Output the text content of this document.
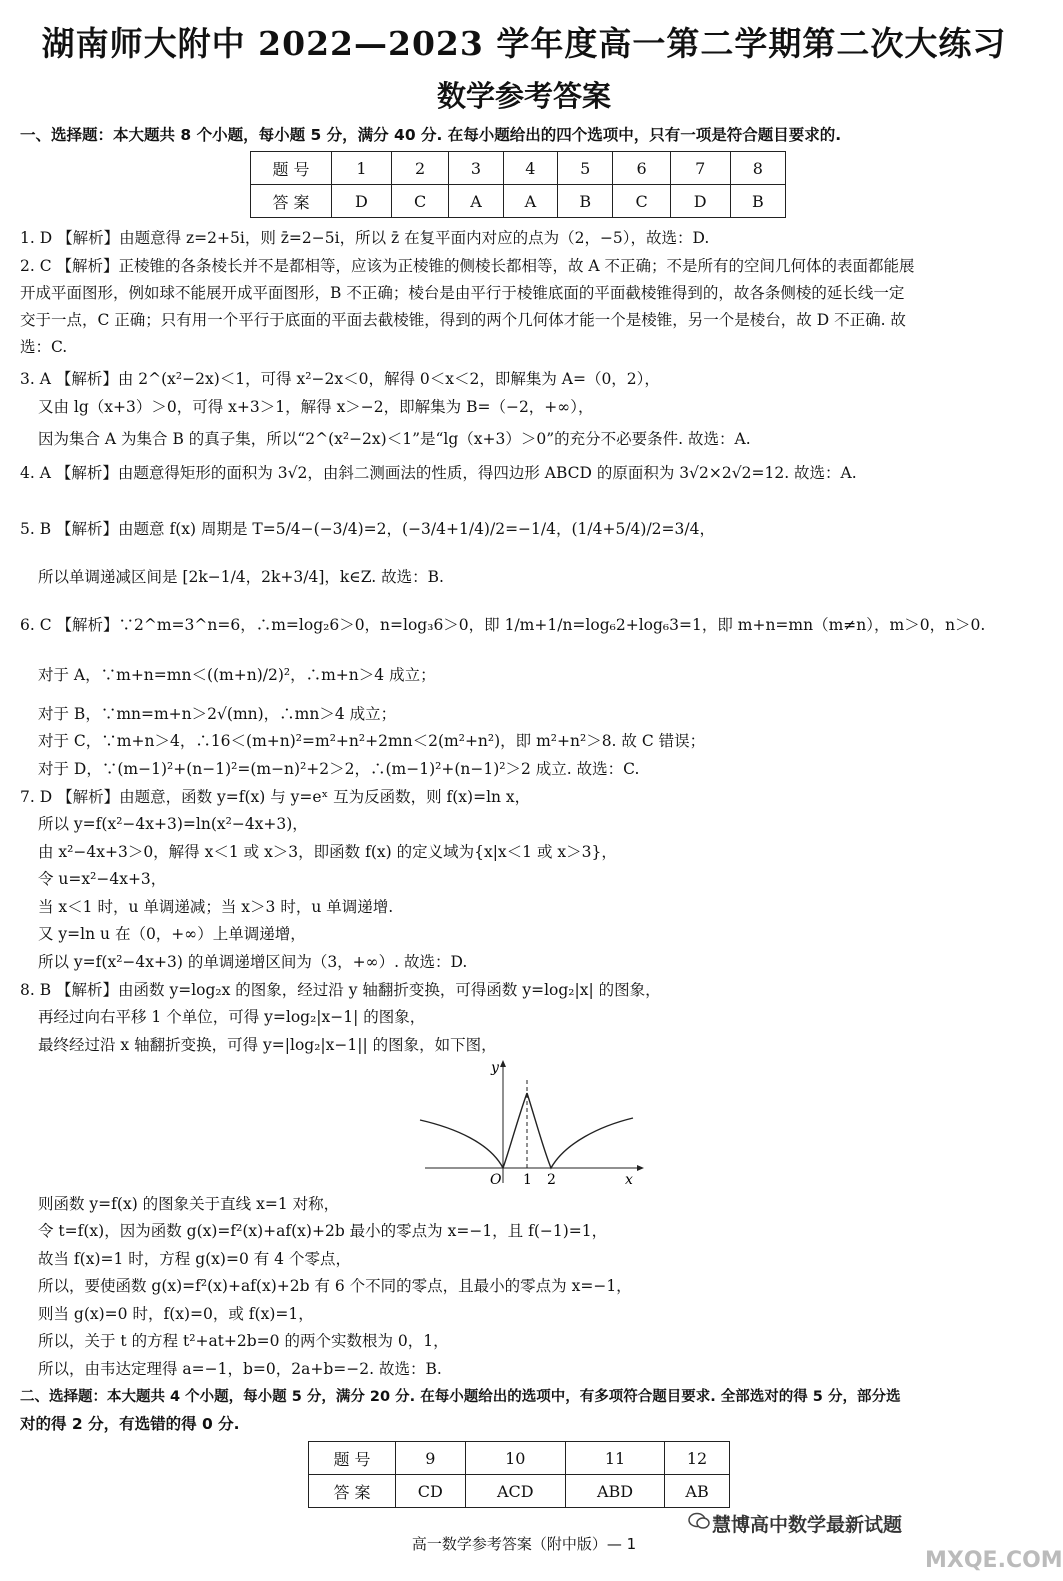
湖南师大附中 2022—2023 学年度高一第二学期第二次大练习
数学参考答案
一、选择题：本大题共 8 个小题，每小题 5 分，满分 40 分. 在每小题给出的四个选项中，只有一项是符合题目要求的.
题 号	1	2	3	4	5	6	7	8
答 案	D	C	A	A	B	C	D	B
1. D 【解析】由题意得 z=2+5i，则 z̄=2−5i，所以 z̄ 在复平面内对应的点为（2，−5），故选：D.
2. C 【解析】正棱锥的各条棱长并不是都相等，应该为正棱锥的侧棱长都相等，故 A 不正确；不是所有的空间几何体的表面都能展
开成平面图形，例如球不能展开成平面图形，B 不正确；棱台是由平行于棱锥底面的平面截棱锥得到的，故各条侧棱的延长线一定
交于一点，C 正确；只有用一个平行于底面的平面去截棱锥，得到的两个几何体才能一个是棱锥，另一个是棱台，故 D 不正确. 故
选：C.
3. A 【解析】由 2^(x²−2x)＜1，可得 x²−2x＜0，解得 0＜x＜2，即解集为 A=（0，2），
又由 lg（x+3）＞0，可得 x+3＞1，解得 x＞−2，即解集为 B=（−2，+∞），
因为集合 A 为集合 B 的真子集，所以“2^(x²−2x)＜1”是“lg（x+3）＞0”的充分不必要条件. 故选：A.
4. A 【解析】由题意得矩形的面积为 3√2，由斜二测画法的性质，得四边形 ABCD 的原面积为 3√2×2√2=12. 故选：A.
5. B 【解析】由题意 f(x) 周期是 T=5/4−(−3/4)=2，(−3/4+1/4)/2=−1/4，(1/4+5/4)/2=3/4，
所以单调递减区间是 [2k−1/4，2k+3/4]，k∈Z. 故选：B.
6. C 【解析】∵2^m=3^n=6，∴m=log₂6＞0，n=log₃6＞0，即 1/m+1/n=log₆2+log₆3=1，即 m+n=mn（m≠n），m＞0，n＞0.
对于 A，∵m+n=mn＜((m+n)/2)²，∴m+n＞4 成立；
对于 B，∵mn=m+n＞2√(mn)，∴mn＞4 成立；
对于 C，∵m+n＞4，∴16＜(m+n)²=m²+n²+2mn＜2(m²+n²)，即 m²+n²＞8. 故 C 错误；
对于 D，∵(m−1)²+(n−1)²=(m−n)²+2＞2，∴(m−1)²+(n−1)²＞2 成立. 故选：C.
7. D 【解析】由题意，函数 y=f(x) 与 y=eˣ 互为反函数，则 f(x)=ln x，
所以 y=f(x²−4x+3)=ln(x²−4x+3)，
由 x²−4x+3＞0，解得 x＜1 或 x＞3，即函数 f(x) 的定义域为{x|x＜1 或 x＞3}，
令 u=x²−4x+3，
当 x＜1 时，u 单调递减；当 x＞3 时，u 单调递增.
又 y=ln u 在（0，+∞）上单调递增，
所以 y=f(x²−4x+3) 的单调递增区间为（3，+∞）. 故选：D.
8. B 【解析】由函数 y=log₂x 的图象，经过沿 y 轴翻折变换，可得函数 y=log₂|x| 的图象，
再经过向右平移 1 个单位，可得 y=log₂|x−1| 的图象，
最终经过沿 x 轴翻折变换，可得 y=|log₂|x−1|| 的图象，如下图，
y
x
O 1 2
则函数 y=f(x) 的图象关于直线 x=1 对称，
令 t=f(x)，因为函数 g(x)=f²(x)+af(x)+2b 最小的零点为 x=−1，且 f(−1)=1，
故当 f(x)=1 时，方程 g(x)=0 有 4 个零点，
所以，要使函数 g(x)=f²(x)+af(x)+2b 有 6 个不同的零点，且最小的零点为 x=−1，
则当 g(x)=0 时，f(x)=0，或 f(x)=1，
所以，关于 t 的方程 t²+at+2b=0 的两个实数根为 0，1，
所以，由韦达定理得 a=−1，b=0，2a+b=−2. 故选：B.
二、选择题：本大题共 4 个小题，每小题 5 分，满分 20 分. 在每小题给出的选项中，有多项符合题目要求. 全部选对的得 5 分，部分选
对的得 2 分，有选错的得 0 分.
题 号	9	10	11	12
答 案	CD	ACD	ABD	AB
慧博高中数学最新试题
MXQE.COM
高一数学参考答案（附中版）— 1
